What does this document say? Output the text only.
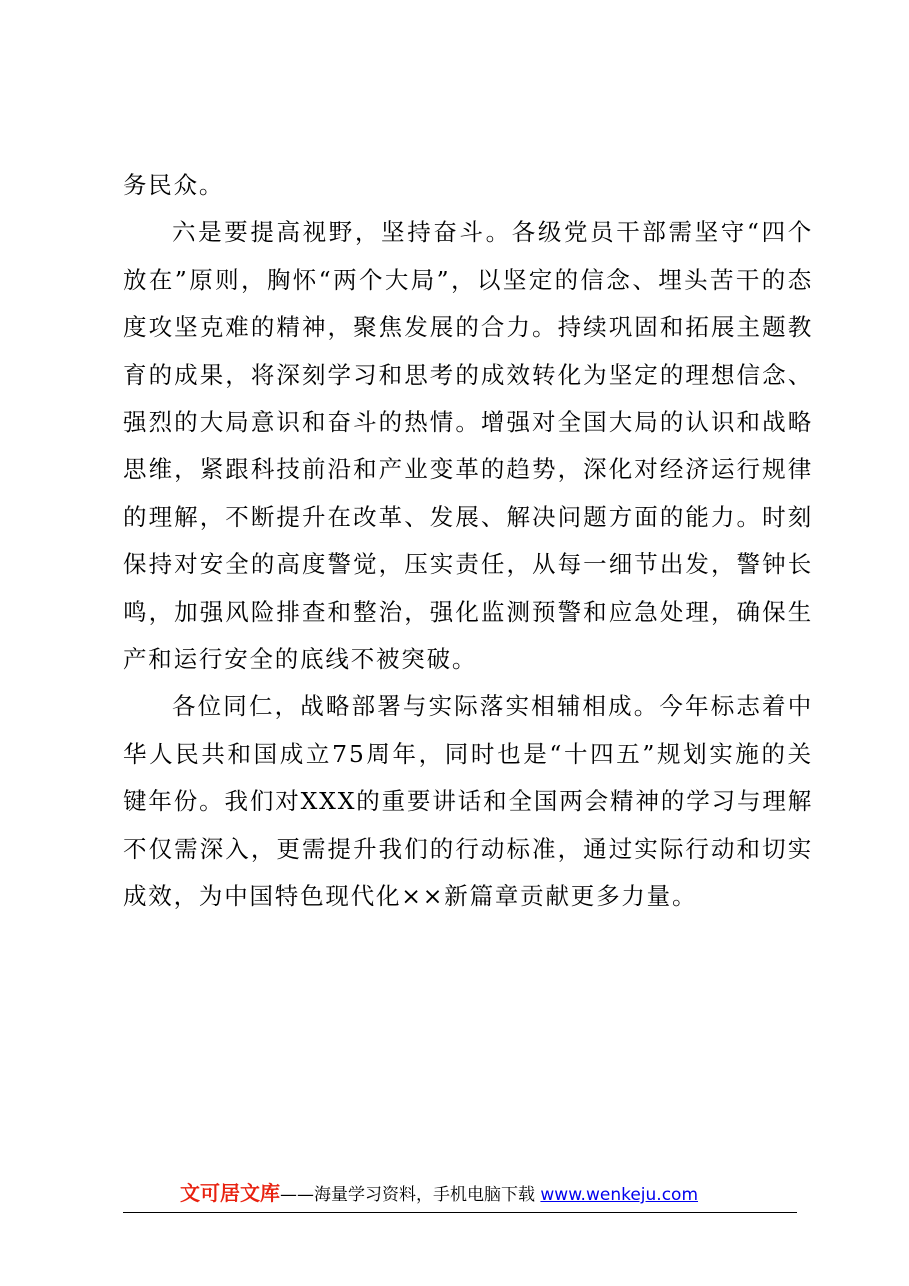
务民众。

六是要提高视野，坚持奋斗。各级党员干部需坚守“四个放在”原则，胸怀“两个大局”，以坚定的信念、埋头苦干的态度攻坚克难的精神，聚焦发展的合力。持续巩固和拓展主题教育的成果，将深刻学习和思考的成效转化为坚定的理想信念、强烈的大局意识和奋斗的热情。增强对全国大局的认识和战略思维，紧跟科技前沿和产业变革的趋势，深化对经济运行规律的理解，不断提升在改革、发展、解决问题方面的能力。时刻保持对安全的高度警觉，压实责任，从每一细节出发，警钟长鸣，加强风险排查和整治，强化监测预警和应急处理，确保生产和运行安全的底线不被突破。

各位同仁，战略部署与实际落实相辅相成。今年标志着中华人民共和国成立75周年，同时也是“十四五”规划实施的关键年份。我们对XXX的重要讲话和全国两会精神的学习与理解不仅需深入，更需提升我们的行动标准，通过实际行动和切实成效，为中国特色现代化××新篇章贡献更多力量。

文可居文库——海量学习资料，手机电脑下载 www.wenkeju.com
